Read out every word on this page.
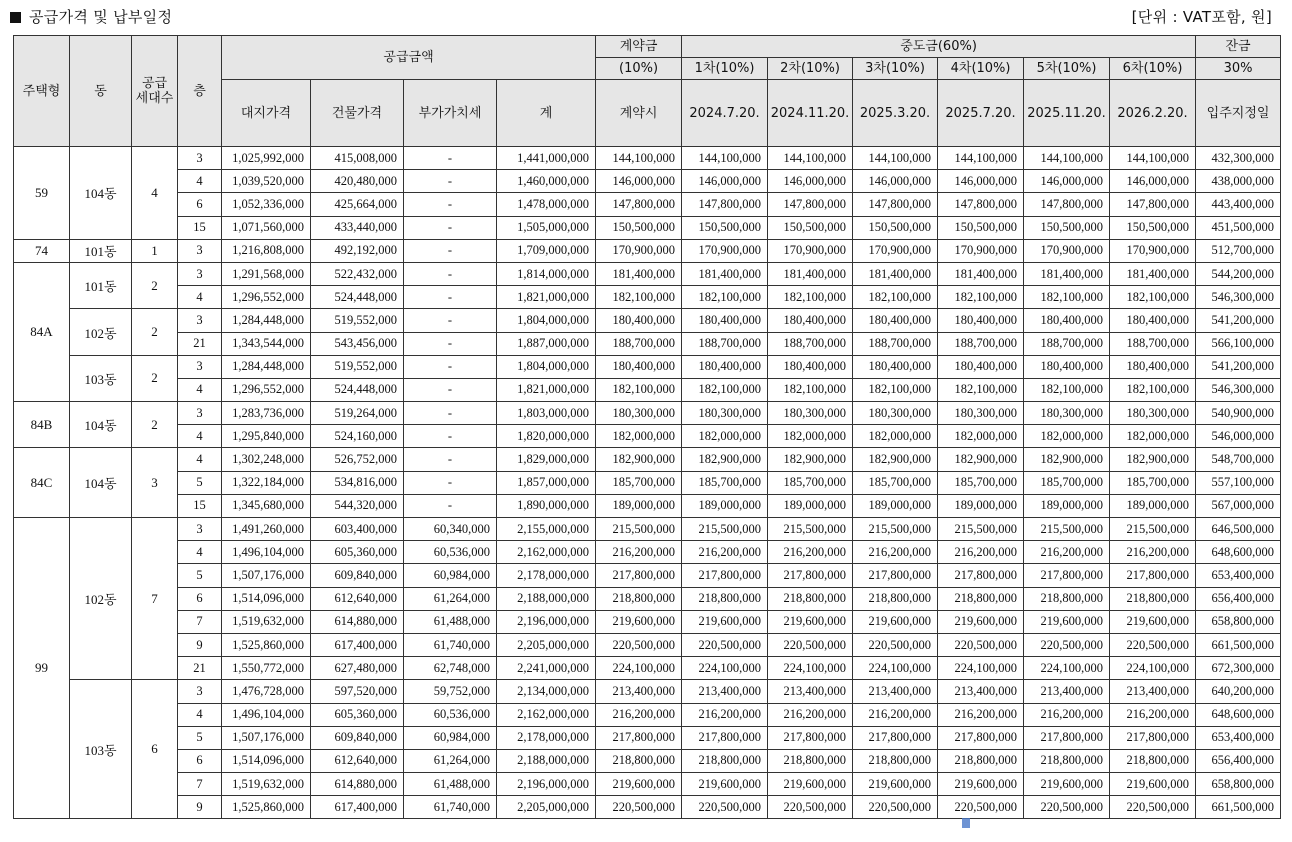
공급가격 및 납부일정	[단위 : VAT포함, 원]
주택형	동	공급
세대수	층	공급금액				계약금	중도금(60%)						잔금
								(10%)	1차(10%)	2차(10%)	3차(10%)	4차(10%)	5차(10%)	6차(10%)	30%
				대지가격	건물가격	부가가치세	계	계약시	2024.7.20.	2024.11.20.	2025.3.20.	2025.7.20.	2025.11.20.	2026.2.20.	입주지정일
59	104동	4	3	1,025,992,000	415,008,000	-	1,441,000,000	144,100,000	144,100,000	144,100,000	144,100,000	144,100,000	144,100,000	144,100,000	432,300,000
			4	1,039,520,000	420,480,000	-	1,460,000,000	146,000,000	146,000,000	146,000,000	146,000,000	146,000,000	146,000,000	146,000,000	438,000,000
			6	1,052,336,000	425,664,000	-	1,478,000,000	147,800,000	147,800,000	147,800,000	147,800,000	147,800,000	147,800,000	147,800,000	443,400,000
			15	1,071,560,000	433,440,000	-	1,505,000,000	150,500,000	150,500,000	150,500,000	150,500,000	150,500,000	150,500,000	150,500,000	451,500,000
74	101동	1	3	1,216,808,000	492,192,000	-	1,709,000,000	170,900,000	170,900,000	170,900,000	170,900,000	170,900,000	170,900,000	170,900,000	512,700,000
84A	101동	2	3	1,291,568,000	522,432,000	-	1,814,000,000	181,400,000	181,400,000	181,400,000	181,400,000	181,400,000	181,400,000	181,400,000	544,200,000
			4	1,296,552,000	524,448,000	-	1,821,000,000	182,100,000	182,100,000	182,100,000	182,100,000	182,100,000	182,100,000	182,100,000	546,300,000
	102동	2	3	1,284,448,000	519,552,000	-	1,804,000,000	180,400,000	180,400,000	180,400,000	180,400,000	180,400,000	180,400,000	180,400,000	541,200,000
			21	1,343,544,000	543,456,000	-	1,887,000,000	188,700,000	188,700,000	188,700,000	188,700,000	188,700,000	188,700,000	188,700,000	566,100,000
	103동	2	3	1,284,448,000	519,552,000	-	1,804,000,000	180,400,000	180,400,000	180,400,000	180,400,000	180,400,000	180,400,000	180,400,000	541,200,000
			4	1,296,552,000	524,448,000	-	1,821,000,000	182,100,000	182,100,000	182,100,000	182,100,000	182,100,000	182,100,000	182,100,000	546,300,000
84B	104동	2	3	1,283,736,000	519,264,000	-	1,803,000,000	180,300,000	180,300,000	180,300,000	180,300,000	180,300,000	180,300,000	180,300,000	540,900,000
			4	1,295,840,000	524,160,000	-	1,820,000,000	182,000,000	182,000,000	182,000,000	182,000,000	182,000,000	182,000,000	182,000,000	546,000,000
84C	104동	3	4	1,302,248,000	526,752,000	-	1,829,000,000	182,900,000	182,900,000	182,900,000	182,900,000	182,900,000	182,900,000	182,900,000	548,700,000
			5	1,322,184,000	534,816,000	-	1,857,000,000	185,700,000	185,700,000	185,700,000	185,700,000	185,700,000	185,700,000	185,700,000	557,100,000
			15	1,345,680,000	544,320,000	-	1,890,000,000	189,000,000	189,000,000	189,000,000	189,000,000	189,000,000	189,000,000	189,000,000	567,000,000
99	102동	7	3	1,491,260,000	603,400,000	60,340,000	2,155,000,000	215,500,000	215,500,000	215,500,000	215,500,000	215,500,000	215,500,000	215,500,000	646,500,000
			4	1,496,104,000	605,360,000	60,536,000	2,162,000,000	216,200,000	216,200,000	216,200,000	216,200,000	216,200,000	216,200,000	216,200,000	648,600,000
			5	1,507,176,000	609,840,000	60,984,000	2,178,000,000	217,800,000	217,800,000	217,800,000	217,800,000	217,800,000	217,800,000	217,800,000	653,400,000
			6	1,514,096,000	612,640,000	61,264,000	2,188,000,000	218,800,000	218,800,000	218,800,000	218,800,000	218,800,000	218,800,000	218,800,000	656,400,000
			7	1,519,632,000	614,880,000	61,488,000	2,196,000,000	219,600,000	219,600,000	219,600,000	219,600,000	219,600,000	219,600,000	219,600,000	658,800,000
			9	1,525,860,000	617,400,000	61,740,000	2,205,000,000	220,500,000	220,500,000	220,500,000	220,500,000	220,500,000	220,500,000	220,500,000	661,500,000
			21	1,550,772,000	627,480,000	62,748,000	2,241,000,000	224,100,000	224,100,000	224,100,000	224,100,000	224,100,000	224,100,000	224,100,000	672,300,000
	103동	6	3	1,476,728,000	597,520,000	59,752,000	2,134,000,000	213,400,000	213,400,000	213,400,000	213,400,000	213,400,000	213,400,000	213,400,000	640,200,000
			4	1,496,104,000	605,360,000	60,536,000	2,162,000,000	216,200,000	216,200,000	216,200,000	216,200,000	216,200,000	216,200,000	216,200,000	648,600,000
			5	1,507,176,000	609,840,000	60,984,000	2,178,000,000	217,800,000	217,800,000	217,800,000	217,800,000	217,800,000	217,800,000	217,800,000	653,400,000
			6	1,514,096,000	612,640,000	61,264,000	2,188,000,000	218,800,000	218,800,000	218,800,000	218,800,000	218,800,000	218,800,000	218,800,000	656,400,000
			7	1,519,632,000	614,880,000	61,488,000	2,196,000,000	219,600,000	219,600,000	219,600,000	219,600,000	219,600,000	219,600,000	219,600,000	658,800,000
			9	1,525,860,000	617,400,000	61,740,000	2,205,000,000	220,500,000	220,500,000	220,500,000	220,500,000	220,500,000	220,500,000	220,500,000	661,500,000
